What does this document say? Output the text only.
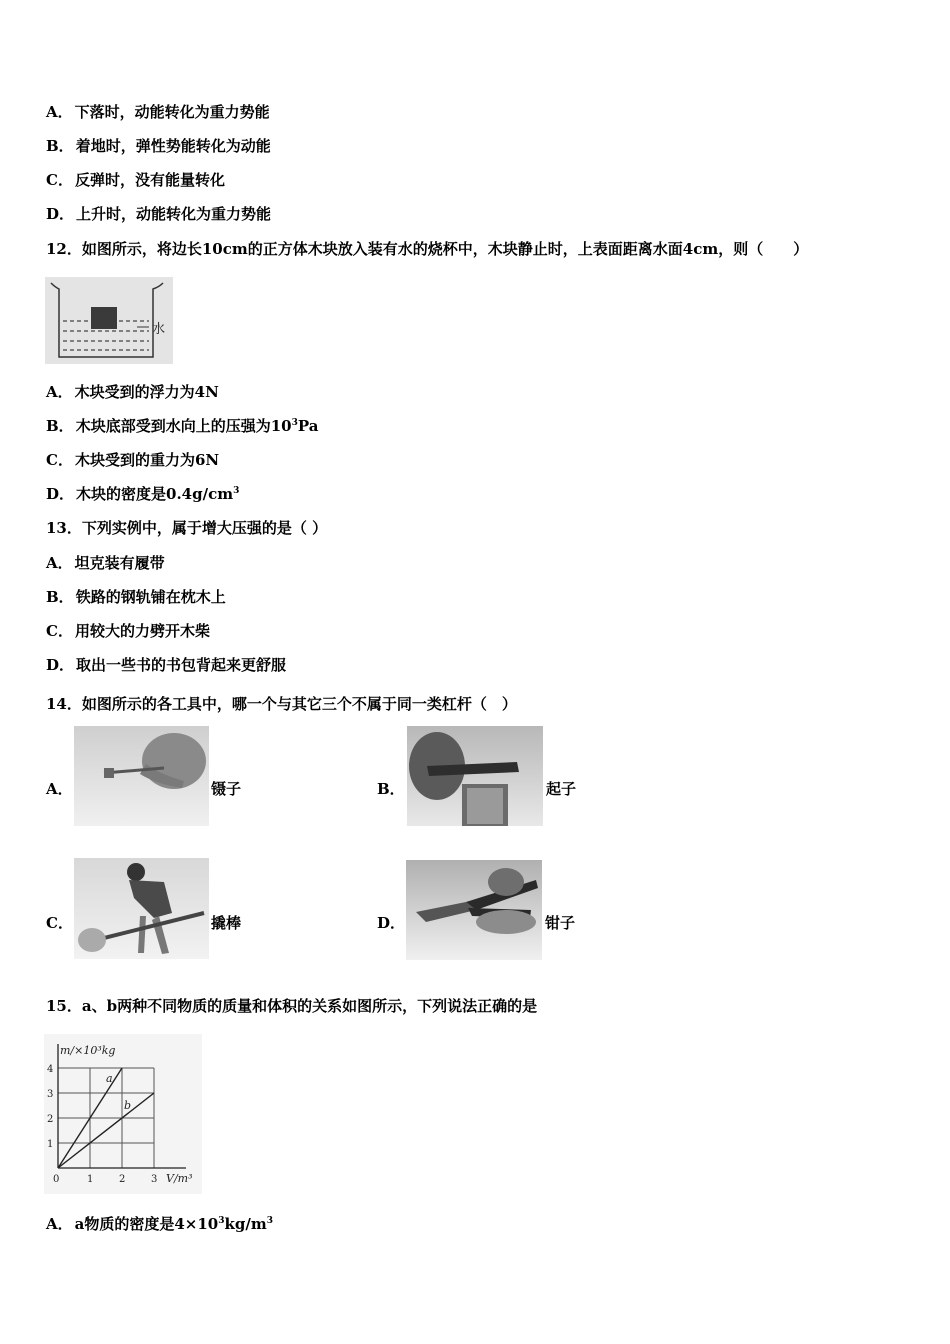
A． 下落时，动能转化为重力势能
B． 着地时，弹性势能转化为动能
C． 反弹时，没有能量转化
D． 上升时，动能转化为重力势能
12．如图所示，将边长10cm的正方体木块放入装有水的烧杯中，木块静止时，上表面距离水面4cm，则（　　）
水
A． 木块受到的浮力为4N
B． 木块底部受到水向上的压强为$10^3Pa$
C． 木块受到的重力为6N
D． 木块的密度是$0.4g/cm^3$
13．下列实例中，属于增大压强的是（ ）
A． 坦克装有履带
B． 铁路的钢轨铺在枕木上
C． 用较大的力劈开木柴
D． 取出一些书的书包背起来更舒服
14．如图所示的各工具中，哪一个与其它三个不属于同一类杠杆（　）
A．	镊子	B．	起子
C．	撬棒	D．	钳子
15．a、b两种不同物质的质量和体积的关系如图所示，下列说法正确的是
a
b
0	1	2	3
1
2
3
4
m/×10³kg
V/m³
A． a物质的密度是$4\times 10^3kg/m^3$
